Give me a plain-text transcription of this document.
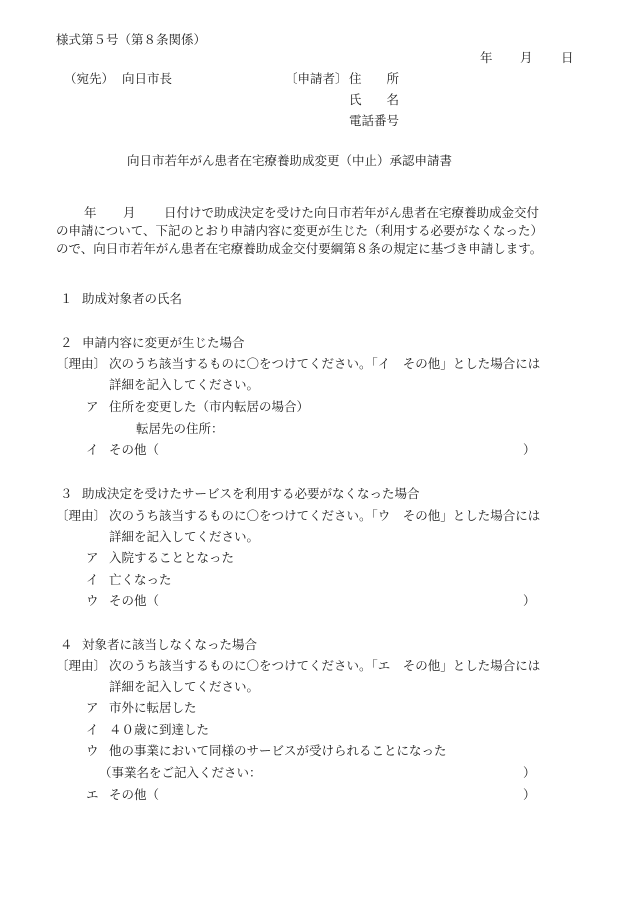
様式第５号（第８条関係）
年 月 日
（宛先） 向日市長	〔申請者〕 住　　所
氏　　名
電話番号
向日市若年がん患者在宅療養助成変更（中止）承認申請書
年 月 日付けで助成決定を受けた向日市若年がん患者在宅療養助成金交付
の申請について、下記のとおり申請内容に変更が生じた（利用する必要がなくなった）
ので、向日市若年がん患者在宅療養助成金交付要綱第８条の規定に基づき申請します。
１ 助成対象者の氏名
２ 申請内容に変更が生じた場合
〔理由〕 次のうち該当するものに〇をつけてください。「イ　その他」とした場合には
詳細を記入してください。
ア 住所を変更した（市内転居の場合）
転居先の住所：
イ その他（	）
３ 助成決定を受けたサービスを利用する必要がなくなった場合
〔理由〕 次のうち該当するものに〇をつけてください。「ウ　その他」とした場合には
詳細を記入してください。
ア 入院することとなった
イ 亡くなった
ウ その他（	）
４ 対象者に該当しなくなった場合
〔理由〕 次のうち該当するものに〇をつけてください。「エ　その他」とした場合には
詳細を記入してください。
ア 市外に転居した
イ ４０歳に到達した
ウ 他の事業において同様のサービスが受けられることになった
（事業名をご記入ください：	）
エ その他（	）
